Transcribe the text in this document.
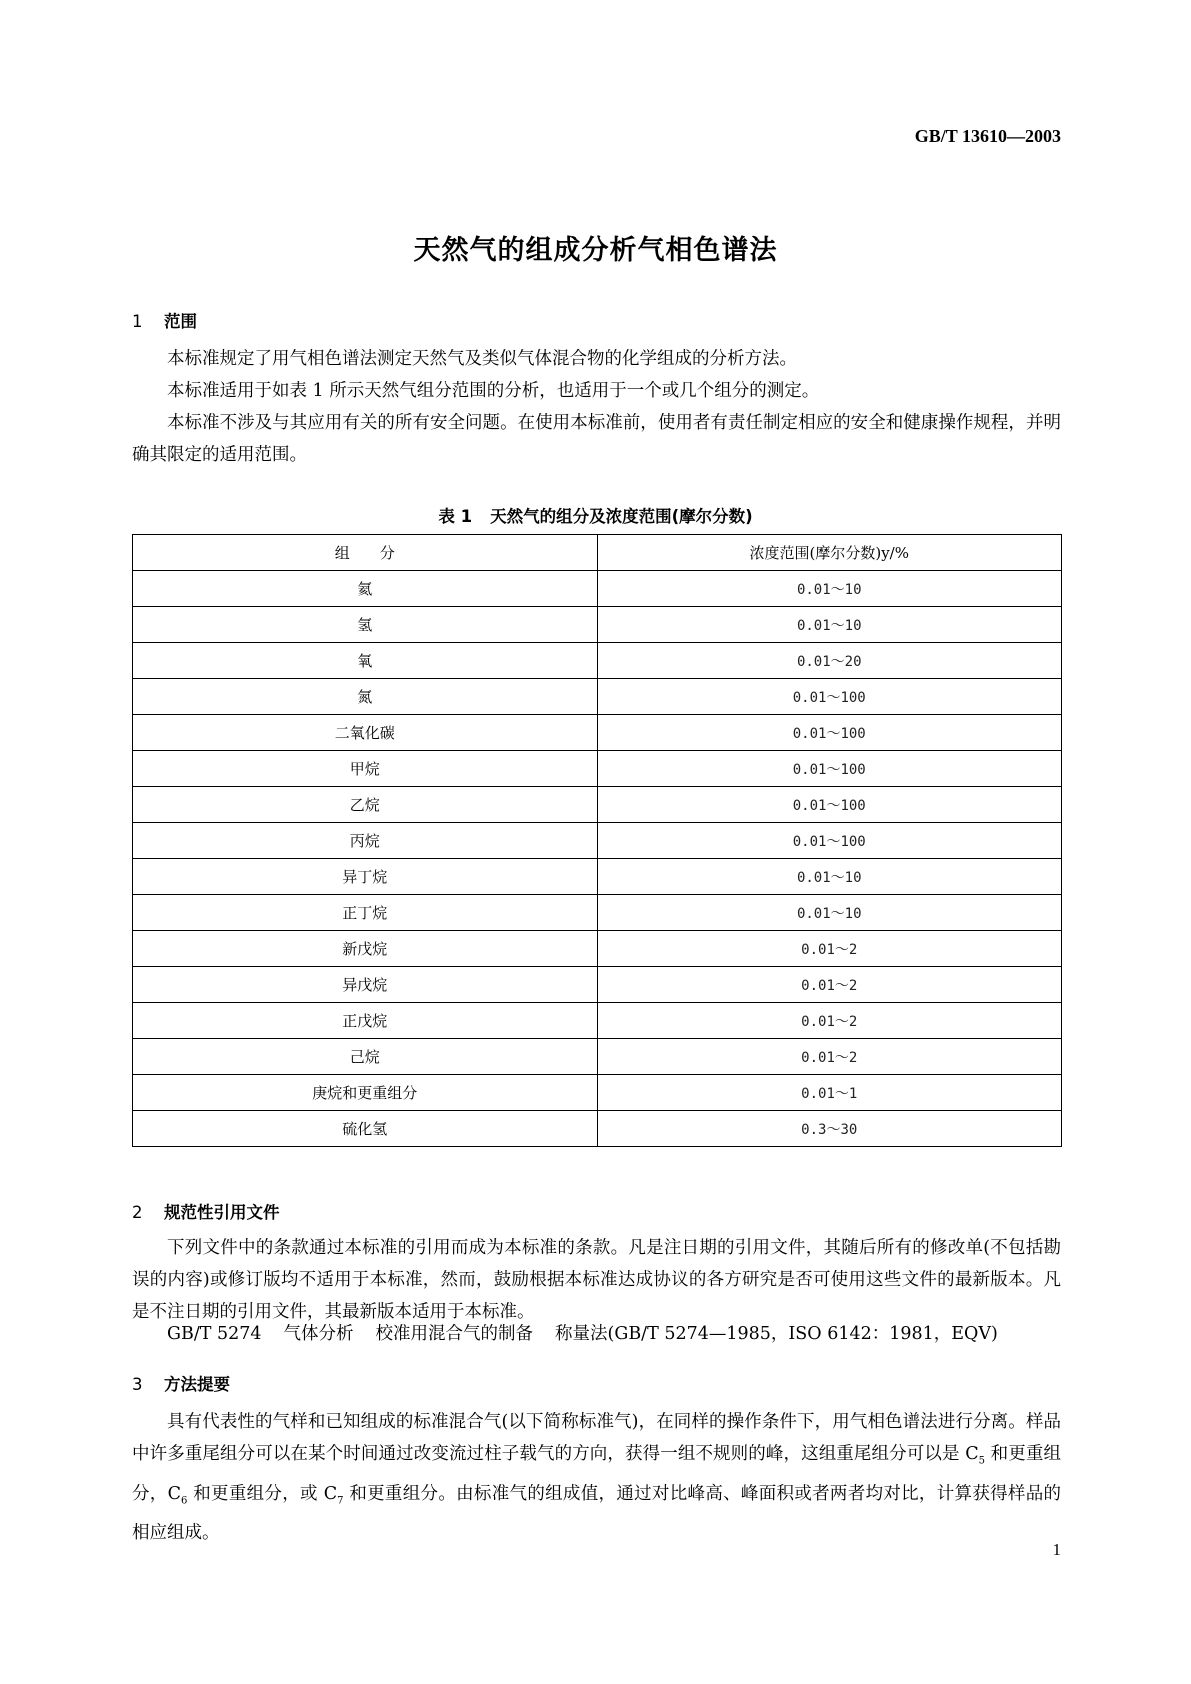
GB/T 13610—2003
天然气的组成分析气相色谱法
1 范围
本标准规定了用气相色谱法测定天然气及类似气体混合物的化学组成的分析方法。
本标准适用于如表 1 所示天然气组分范围的分析，也适用于一个或几个组分的测定。
本标准不涉及与其应用有关的所有安全问题。在使用本标准前，使用者有责任制定相应的安全和健康操作规程，并明确其限定的适用范围。
表 1 天然气的组分及浓度范围(摩尔分数)
组　　分	浓度范围(摩尔分数)y/%
氦	0.01～10
氢	0.01～10
氧	0.01～20
氮	0.01～100
二氧化碳	0.01～100
甲烷	0.01～100
乙烷	0.01～100
丙烷	0.01～100
异丁烷	0.01～10
正丁烷	0.01～10
新戊烷	0.01～2
异戊烷	0.01～2
正戊烷	0.01～2
己烷	0.01～2
庚烷和更重组分	0.01～1
硫化氢	0.3～30
2 规范性引用文件
下列文件中的条款通过本标准的引用而成为本标准的条款。凡是注日期的引用文件，其随后所有的修改单(不包括勘误的内容)或修订版均不适用于本标准，然而，鼓励根据本标准达成协议的各方研究是否可使用这些文件的最新版本。凡是不注日期的引用文件，其最新版本适用于本标准。
GB/T 5274 气体分析 校准用混合气的制备 称量法(GB/T 5274—1985，ISO 6142：1981，EQV)
3 方法提要
具有代表性的气样和已知组成的标准混合气(以下简称标准气)，在同样的操作条件下，用气相色谱法进行分离。样品中许多重尾组分可以在某个时间通过改变流过柱子载气的方向，获得一组不规则的峰，这组重尾组分可以是 $C_5$ 和更重组分，$C_6$ 和更重组分，或 $C_7$ 和更重组分。由标准气的组成值，通过对比峰高、峰面积或者两者均对比，计算获得样品的相应组成。
1
